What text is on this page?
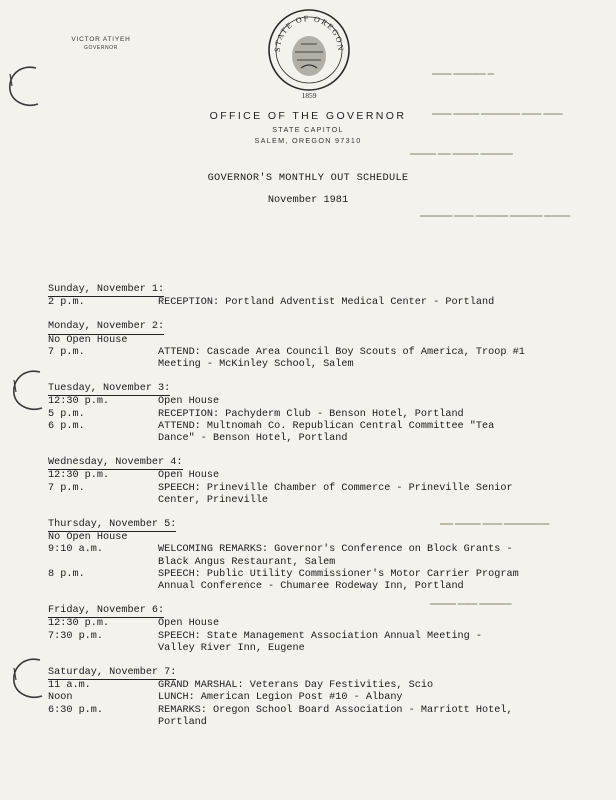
VICTOR ATIYEH
GOVERNOR	STATE OF OREGON
1859
OFFICE OF THE GOVERNOR
STATE CAPITOL
SALEM, OREGON 97310
GOVERNOR'S MONTHLY OUT SCHEDULE
November 1981
▬▬▬ ▬▬▬▬▬ ▬
▬▬▬ ▬▬▬▬ ▬▬▬▬▬▬ ▬▬▬ ▬▬▬
▬▬▬▬ ▬▬ ▬▬▬▬ ▬▬▬▬▬
▬▬▬▬▬ ▬▬▬ ▬▬▬▬▬ ▬▬▬▬▬ ▬▬▬▬
▬▬ ▬▬▬▬ ▬▬▬ ▬▬▬▬▬▬▬
▬▬▬▬ ▬▬▬ ▬▬▬▬▬
Sunday, November 1:
2 p.m.	RECEPTION: Portland Adventist Medical Center - Portland
Monday, November 2:
No Open House
7 p.m.	ATTEND: Cascade Area Council Boy Scouts of America, Troop #1
Meeting - McKinley School, Salem
Tuesday, November 3:
12:30 p.m.	Open House
5 p.m.	RECEPTION: Pachyderm Club - Benson Hotel, Portland
6 p.m.	ATTEND: Multnomah Co. Republican Central Committee "Tea
Dance" - Benson Hotel, Portland
Wednesday, November 4:
12:30 p.m.	Open House
7 p.m.	SPEECH: Prineville Chamber of Commerce - Prineville Senior
Center, Prineville
Thursday, November 5:
No Open House
9:10 a.m.	WELCOMING REMARKS: Governor's Conference on Block Grants -
Black Angus Restaurant, Salem
8 p.m.	SPEECH: Public Utility Commissioner's Motor Carrier Program
Annual Conference - Chumaree Rodeway Inn, Portland
Friday, November 6:
12:30 p.m.	Open House
7:30 p.m.	SPEECH: State Management Association Annual Meeting -
Valley River Inn, Eugene
Saturday, November 7:
11 a.m.	GRAND MARSHAL: Veterans Day Festivities, Scio
Noon	LUNCH: American Legion Post #10 - Albany
6:30 p.m.	REMARKS: Oregon School Board Association - Marriott Hotel,
Portland
